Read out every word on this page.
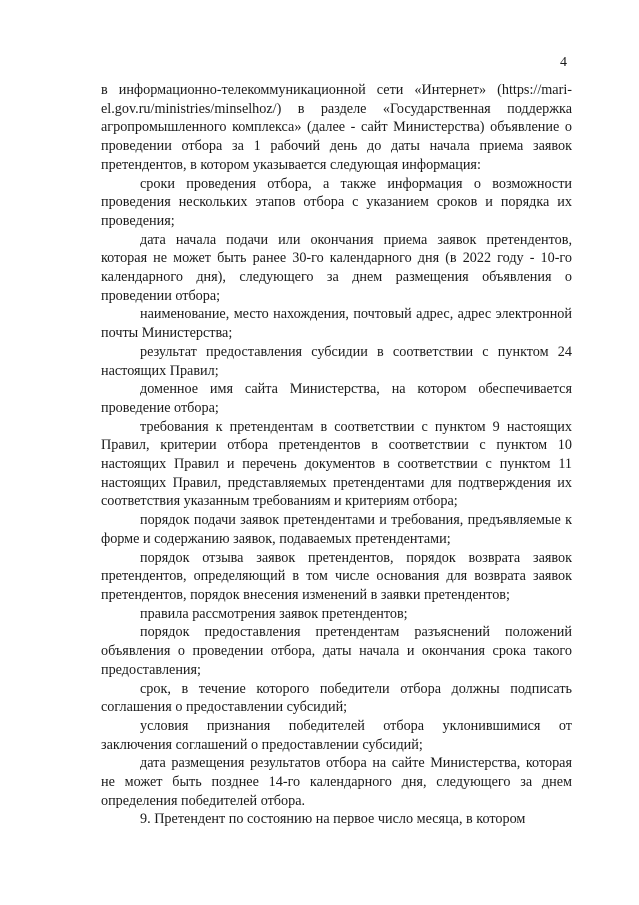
4

в информационно-телекоммуникационной сети «Интернет» (https://mari-el.gov.ru/ministries/minselhoz/) в разделе «Государственная поддержка агропромышленного комплекса» (далее - сайт Министерства) объявление о проведении отбора за 1 рабочий день до даты начала приема заявок претендентов, в котором указывается следующая информация:

сроки проведения отбора, а также информация о возможности проведения нескольких этапов отбора с указанием сроков и порядка их проведения;

дата начала подачи или окончания приема заявок претендентов, которая не может быть ранее 30-го календарного дня (в 2022 году - 10-го календарного дня), следующего за днем размещения объявления о проведении отбора;

наименование, место нахождения, почтовый адрес, адрес электронной почты Министерства;

результат предоставления субсидии в соответствии с пунктом 24 настоящих Правил;

доменное имя сайта Министерства, на котором обеспечивается проведение отбора;

требования к претендентам в соответствии с пунктом 9 настоящих Правил, критерии отбора претендентов в соответствии с пунктом 10 настоящих Правил и перечень документов в соответствии с пунктом 11 настоящих Правил, представляемых претендентами для подтверждения их соответствия указанным требованиям и критериям отбора;

порядок подачи заявок претендентами и требования, предъявляемые к форме и содержанию заявок, подаваемых претендентами;

порядок отзыва заявок претендентов, порядок возврата заявок претендентов, определяющий в том числе основания для возврата заявок претендентов, порядок внесения изменений в заявки претендентов;

правила рассмотрения заявок претендентов;

порядок предоставления претендентам разъяснений положений объявления о проведении отбора, даты начала и окончания срока такого предоставления;

срок, в течение которого победители отбора должны подписать соглашения о предоставлении субсидий;

условия признания победителей отбора уклонившимися от заключения соглашений о предоставлении субсидий;

дата размещения результатов отбора на сайте Министерства, которая не может быть позднее 14-го календарного дня, следующего за днем определения победителей отбора.

9. Претендент по состоянию на первое число месяца, в котором
